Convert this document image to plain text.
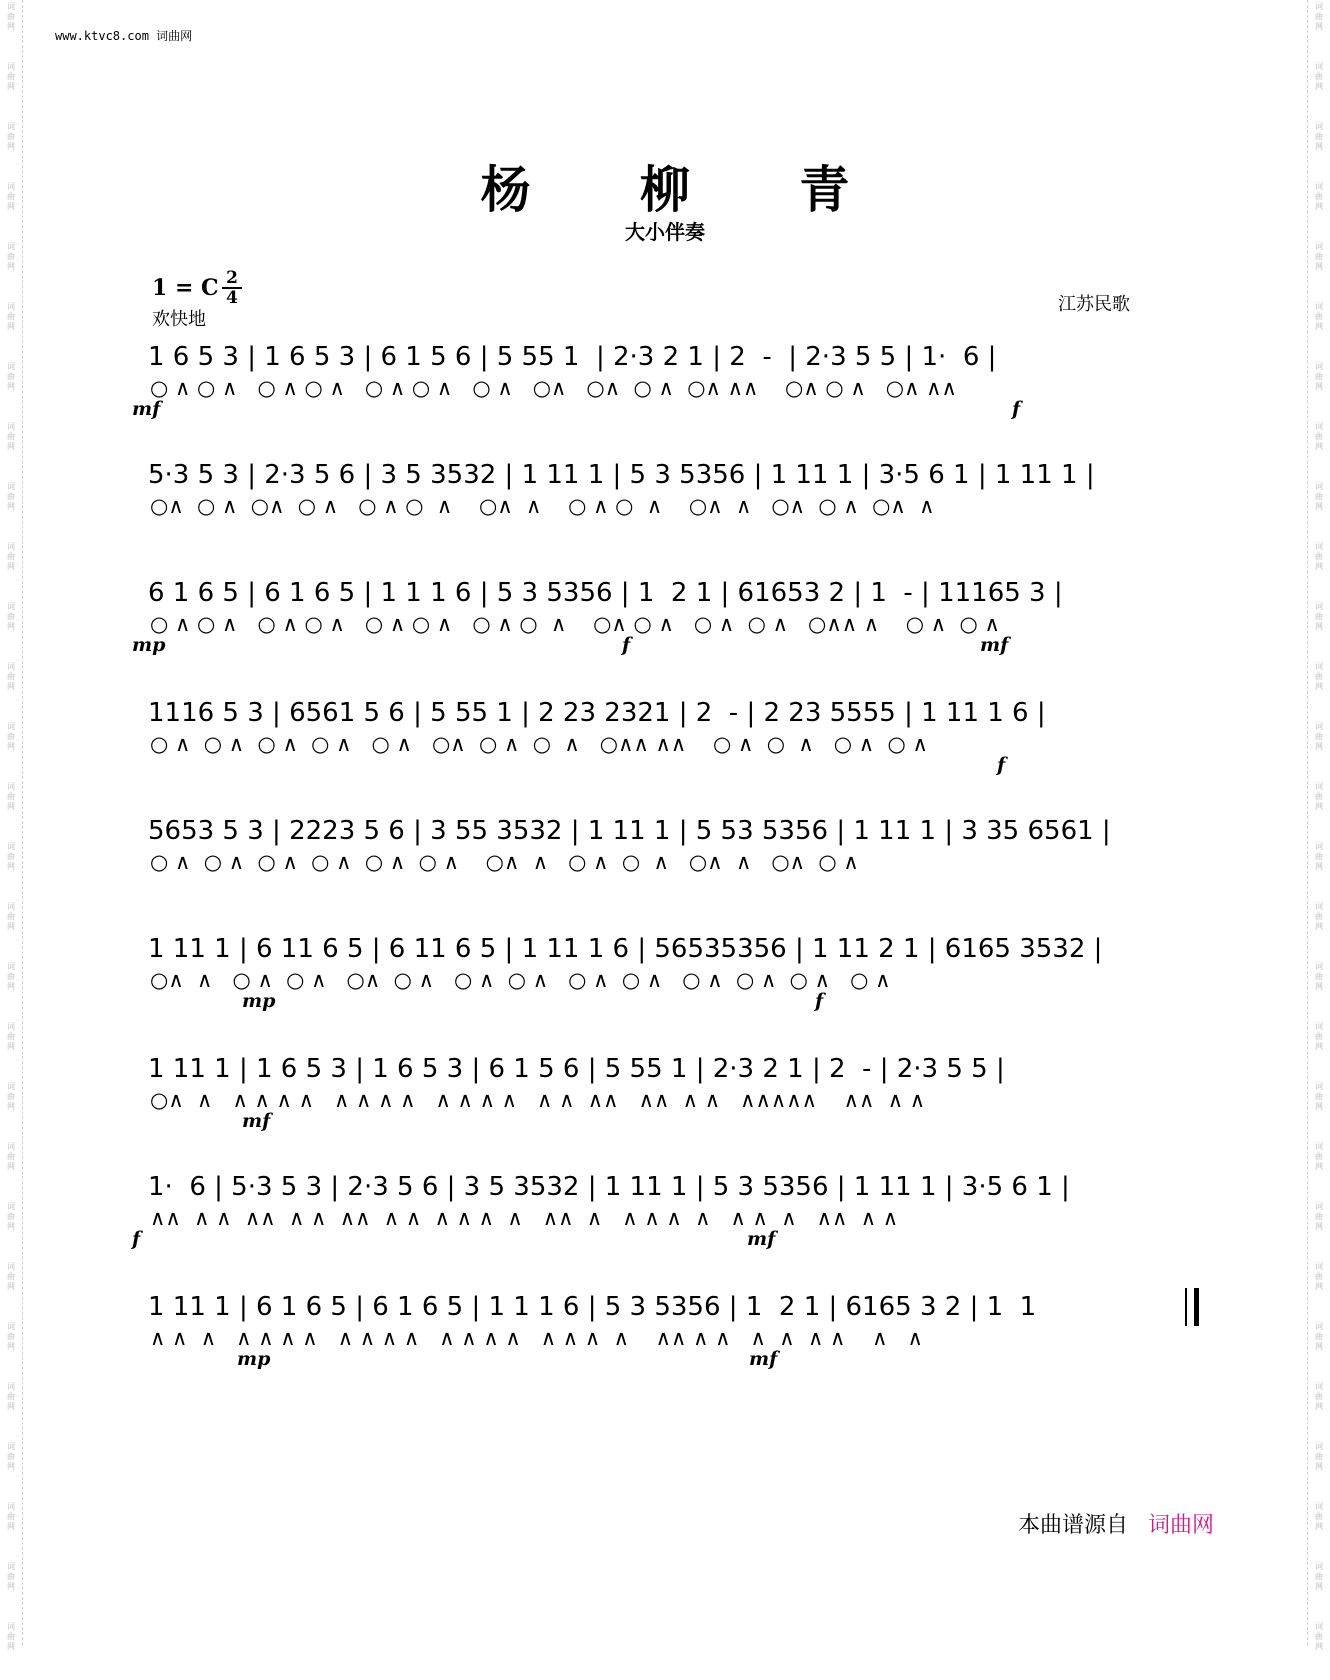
词曲网
词曲网
词曲网
词曲网
词曲网
词曲网
词曲网
词曲网
词曲网
词曲网
词曲网
词曲网
词曲网
词曲网
词曲网
词曲网
词曲网
词曲网
词曲网
词曲网
词曲网
词曲网
词曲网
词曲网
词曲网
词曲网
词曲网
词曲网
词曲网
词曲网
词曲网
词曲网
词曲网
词曲网
词曲网
词曲网
词曲网
词曲网
词曲网
词曲网
词曲网
词曲网
词曲网
词曲网
词曲网
词曲网
词曲网
词曲网
词曲网
词曲网
词曲网
词曲网
词曲网
词曲网
词曲网
词曲网
www.ktvc8.com 词曲网
杨 柳 青
大小伴奏
1 = C 2
4
欢快地
江苏民歌
1 6 5 3 | 1 6 5 3 | 6 1 5 6 | 5 55 1  | 2·3 2 1 | 2  -  | 2·3 5 5 | 1·  6 |
○ ∧ ○ ∧   ○ ∧ ○ ∧   ○ ∧ ○ ∧   ○ ∧   ○∧   ○∧  ○ ∧  ○∧ ∧∧    ○∧ ○ ∧   ○∧ ∧∧
mf	f
5·3 5 3 | 2·3 5 6 | 3 5 3532 | 1 11 1 | 5 3 5356 | 1 11 1 | 3·5 6 1 | 1 11 1 |
○∧  ○ ∧  ○∧  ○ ∧   ○ ∧ ○  ∧    ○∧  ∧    ○ ∧ ○  ∧    ○∧  ∧   ○∧  ○ ∧  ○∧  ∧
6 1 6 5 | 6 1 6 5 | 1 1 1 6 | 5 3 5356 | 1  2 1 | 61653 2 | 1  - | 11165 3 |
○ ∧ ○ ∧   ○ ∧ ○ ∧   ○ ∧ ○ ∧   ○ ∧ ○  ∧    ○∧ ○ ∧   ○ ∧  ○ ∧   ○∧∧ ∧    ○ ∧  ○ ∧
mp	f	mf
1116 5 3 | 6561 5 6 | 5 55 1 | 2 23 2321 | 2  - | 2 23 5555 | 1 11 1 6 |
○ ∧  ○ ∧  ○ ∧  ○ ∧   ○ ∧   ○∧  ○ ∧  ○  ∧   ○∧∧ ∧∧    ○ ∧  ○  ∧   ○ ∧  ○ ∧
f
5653 5 3 | 2223 5 6 | 3 55 3532 | 1 11 1 | 5 53 5356 | 1 11 1 | 3 35 6561 |
○ ∧  ○ ∧  ○ ∧  ○ ∧  ○ ∧  ○ ∧    ○∧  ∧   ○ ∧  ○  ∧   ○∧  ∧   ○∧  ○ ∧
1 11 1 | 6 11 6 5 | 6 11 6 5 | 1 11 1 6 | 56535356 | 1 11 2 1 | 6165 3532 |
○∧  ∧   ○ ∧  ○ ∧   ○∧  ○ ∧   ○ ∧  ○ ∧   ○ ∧  ○ ∧   ○ ∧  ○ ∧  ○ ∧   ○ ∧
mp	f
1 11 1 | 1 6 5 3 | 1 6 5 3 | 6 1 5 6 | 5 55 1 | 2·3 2 1 | 2  - | 2·3 5 5 |
○∧  ∧   ∧ ∧ ∧ ∧   ∧ ∧ ∧ ∧   ∧ ∧ ∧ ∧   ∧ ∧  ∧∧   ∧∧  ∧ ∧   ∧∧∧∧∧    ∧∧  ∧ ∧
mf
1·  6 | 5·3 5 3 | 2·3 5 6 | 3 5 3532 | 1 11 1 | 5 3 5356 | 1 11 1 | 3·5 6 1 |
∧∧  ∧ ∧  ∧∧  ∧ ∧  ∧∧  ∧ ∧  ∧ ∧ ∧  ∧   ∧∧  ∧   ∧ ∧ ∧  ∧   ∧ ∧  ∧   ∧∧  ∧ ∧
f	mf
1 11 1 | 6 1 6 5 | 6 1 6 5 | 1 1 1 6 | 5 3 5356 | 1  2 1 | 6165 3 2 | 1  1
∧ ∧  ∧   ∧ ∧ ∧ ∧   ∧ ∧ ∧ ∧   ∧ ∧ ∧ ∧   ∧ ∧ ∧  ∧    ∧∧ ∧ ∧   ∧  ∧  ∧ ∧    ∧   ∧
mp	mf
本曲谱源自 词曲网
